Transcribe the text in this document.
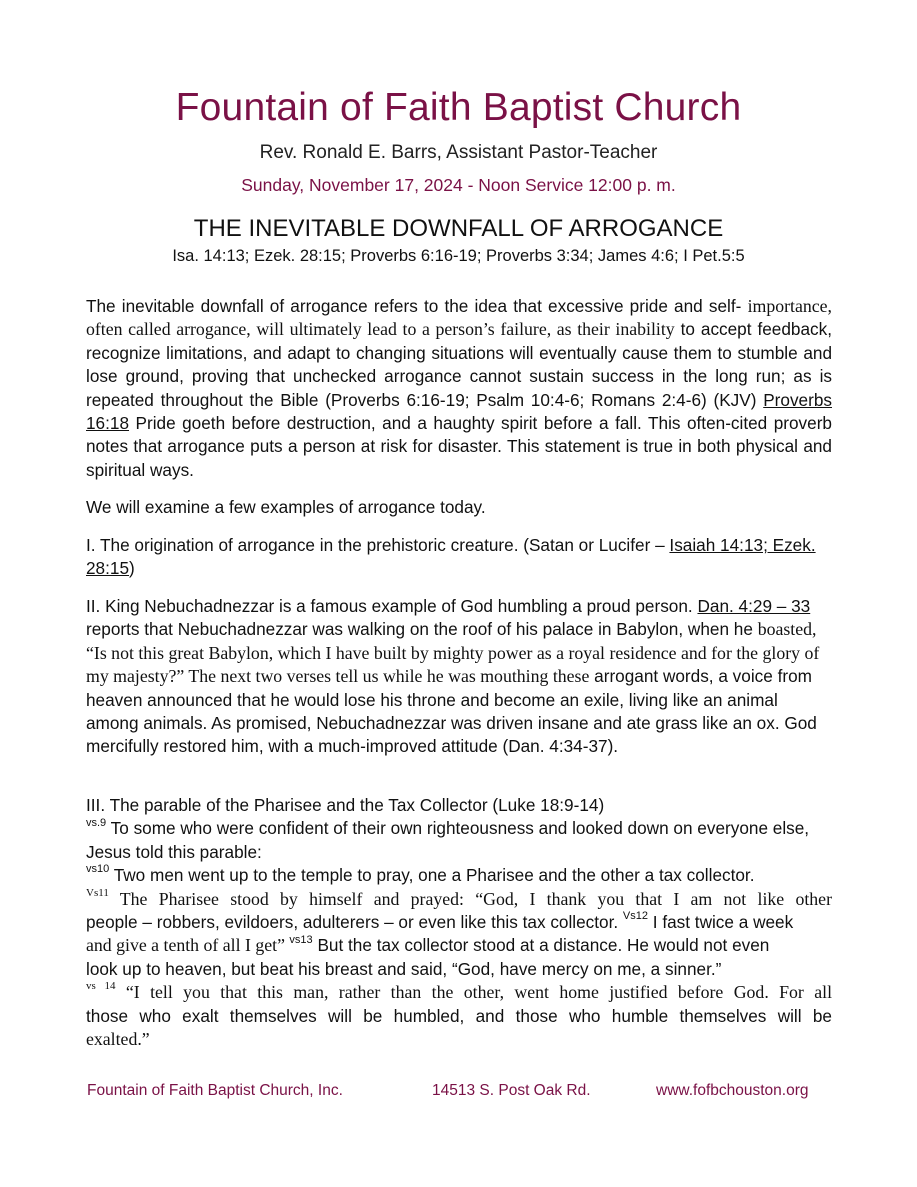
Fountain of Faith Baptist Church
Rev. Ronald E. Barrs, Assistant Pastor-Teacher
Sunday, November 17, 2024 - Noon Service 12:00 p. m.
THE INEVITABLE DOWNFALL OF ARROGANCE
Isa. 14:13; Ezek. 28:15; Proverbs 6:16-19; Proverbs 3:34; James 4:6; I Pet.5:5
The inevitable downfall of arrogance refers to the idea that excessive pride and self- importance, often called arrogance, will ultimately lead to a person’s failure, as their inability to accept feedback, recognize limitations, and adapt to changing situations will eventually cause them to stumble and lose ground, proving that unchecked arrogance cannot sustain success in the long run; as is repeated throughout the Bible (Proverbs 6:16-19; Psalm 10:4-6; Romans 2:4-6) (KJV) Proverbs 16:18 Pride goeth before destruction, and a haughty spirit before a fall. This often-cited proverb notes that arrogance puts a person at risk for disaster. This statement is true in both physical and spiritual ways.
We will examine a few examples of arrogance today.
I. The origination of arrogance in the prehistoric creature. (Satan or Lucifer – Isaiah 14:13; Ezek. 28:15)
II. King Nebuchadnezzar is a famous example of God humbling a proud person. Dan. 4:29 – 33 reports that Nebuchadnezzar was walking on the roof of his palace in Babylon, when he boasted, “Is not this great Babylon, which I have built by mighty power as a royal residence and for the glory of my majesty?” The next two verses tell us while he was mouthing these arrogant words, a voice from heaven announced that he would lose his throne and become an exile, living like an animal among animals. As promised, Nebuchadnezzar was driven insane and ate grass like an ox. God mercifully restored him, with a much-improved attitude (Dan. 4:34-37).
III. The parable of the Pharisee and the Tax Collector (Luke 18:9-14)
$^{vs.9}$ To some who were confident of their own righteousness and looked down on everyone else, Jesus told this parable:
$^{vs10}$ Two men went up to the temple to pray, one a Pharisee and the other a tax collector.
$^{Vs11}$ The Pharisee stood by himself and prayed: “God, I thank you that I am not like other
people – robbers, evildoers, adulterers – or even like this tax collector. $^{Vs12}$ I fast twice a week
and give a tenth of all I get” $^{vs13}$ But the tax collector stood at a distance. He would not even
look up to heaven, but beat his breast and said, “God, have mercy on me, a sinner.”
$^{vs 14}$ “I tell you that this man, rather than the other, went home justified before God. For all
those who exalt themselves will be humbled, and those who humble themselves will be
exalted.”
Fountain of Faith Baptist Church, Inc.	14513 S. Post Oak Rd.	www.fofbchouston.org
